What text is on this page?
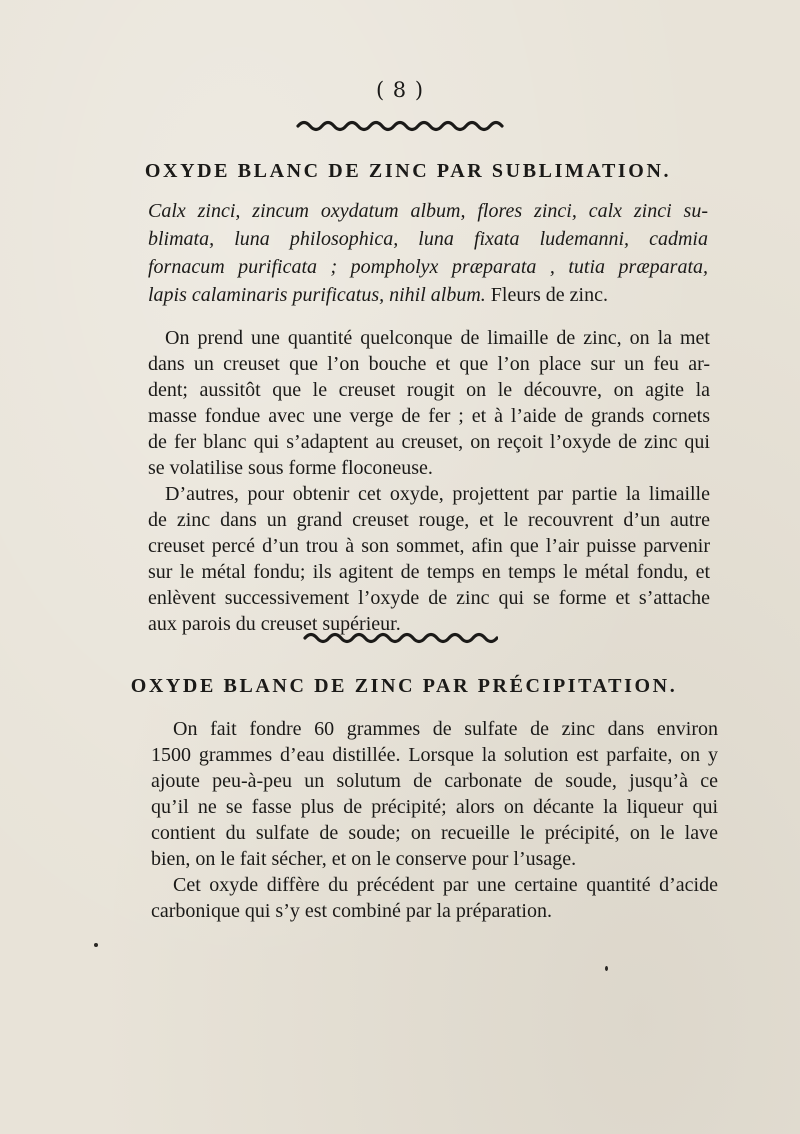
( 8 )
OXYDE BLANC DE ZINC PAR SUBLIMATION.
Calx zinci, zincum oxydatum album, flores zinci, calx zinci su-
blimata, luna philosophica, luna fixata ludemanni, cadmia
fornacum purificata ; pompholyx præparata , tutia præparata,
lapis calaminaris purificatus, nihil album. Fleurs de zinc.
On prend une quantité quelconque de limaille de zinc, on la met
dans un creuset que l’on bouche et que l’on place sur un feu ar-
dent; aussitôt que le creuset rougit on le découvre, on agite la
masse fondue avec une verge de fer ; et à l’aide de grands cornets
de fer blanc qui s’adaptent au creuset, on reçoit l’oxyde de zinc qui
se volatilise sous forme floconeuse.
D’autres, pour obtenir cet oxyde, projettent par partie la limaille
de zinc dans un grand creuset rouge, et le recouvrent d’un autre
creuset percé d’un trou à son sommet, afin que l’air puisse parvenir
sur le métal fondu; ils agitent de temps en temps le métal fondu, et
enlèvent successivement l’oxyde de zinc qui se forme et s’attache
aux parois du creuset supérieur.
OXYDE BLANC DE ZINC PAR PRÉCIPITATION.
On fait fondre 60 grammes de sulfate de zinc dans environ
1500 grammes d’eau distillée. Lorsque la solution est parfaite, on y
ajoute peu-à-peu un solutum de carbonate de soude, jusqu’à ce
qu’il ne se fasse plus de précipité; alors on décante la liqueur qui
contient du sulfate de soude; on recueille le précipité, on le lave
bien, on le fait sécher, et on le conserve pour l’usage.
Cet oxyde diffère du précédent par une certaine quantité d’acide
carbonique qui s’y est combiné par la préparation.
